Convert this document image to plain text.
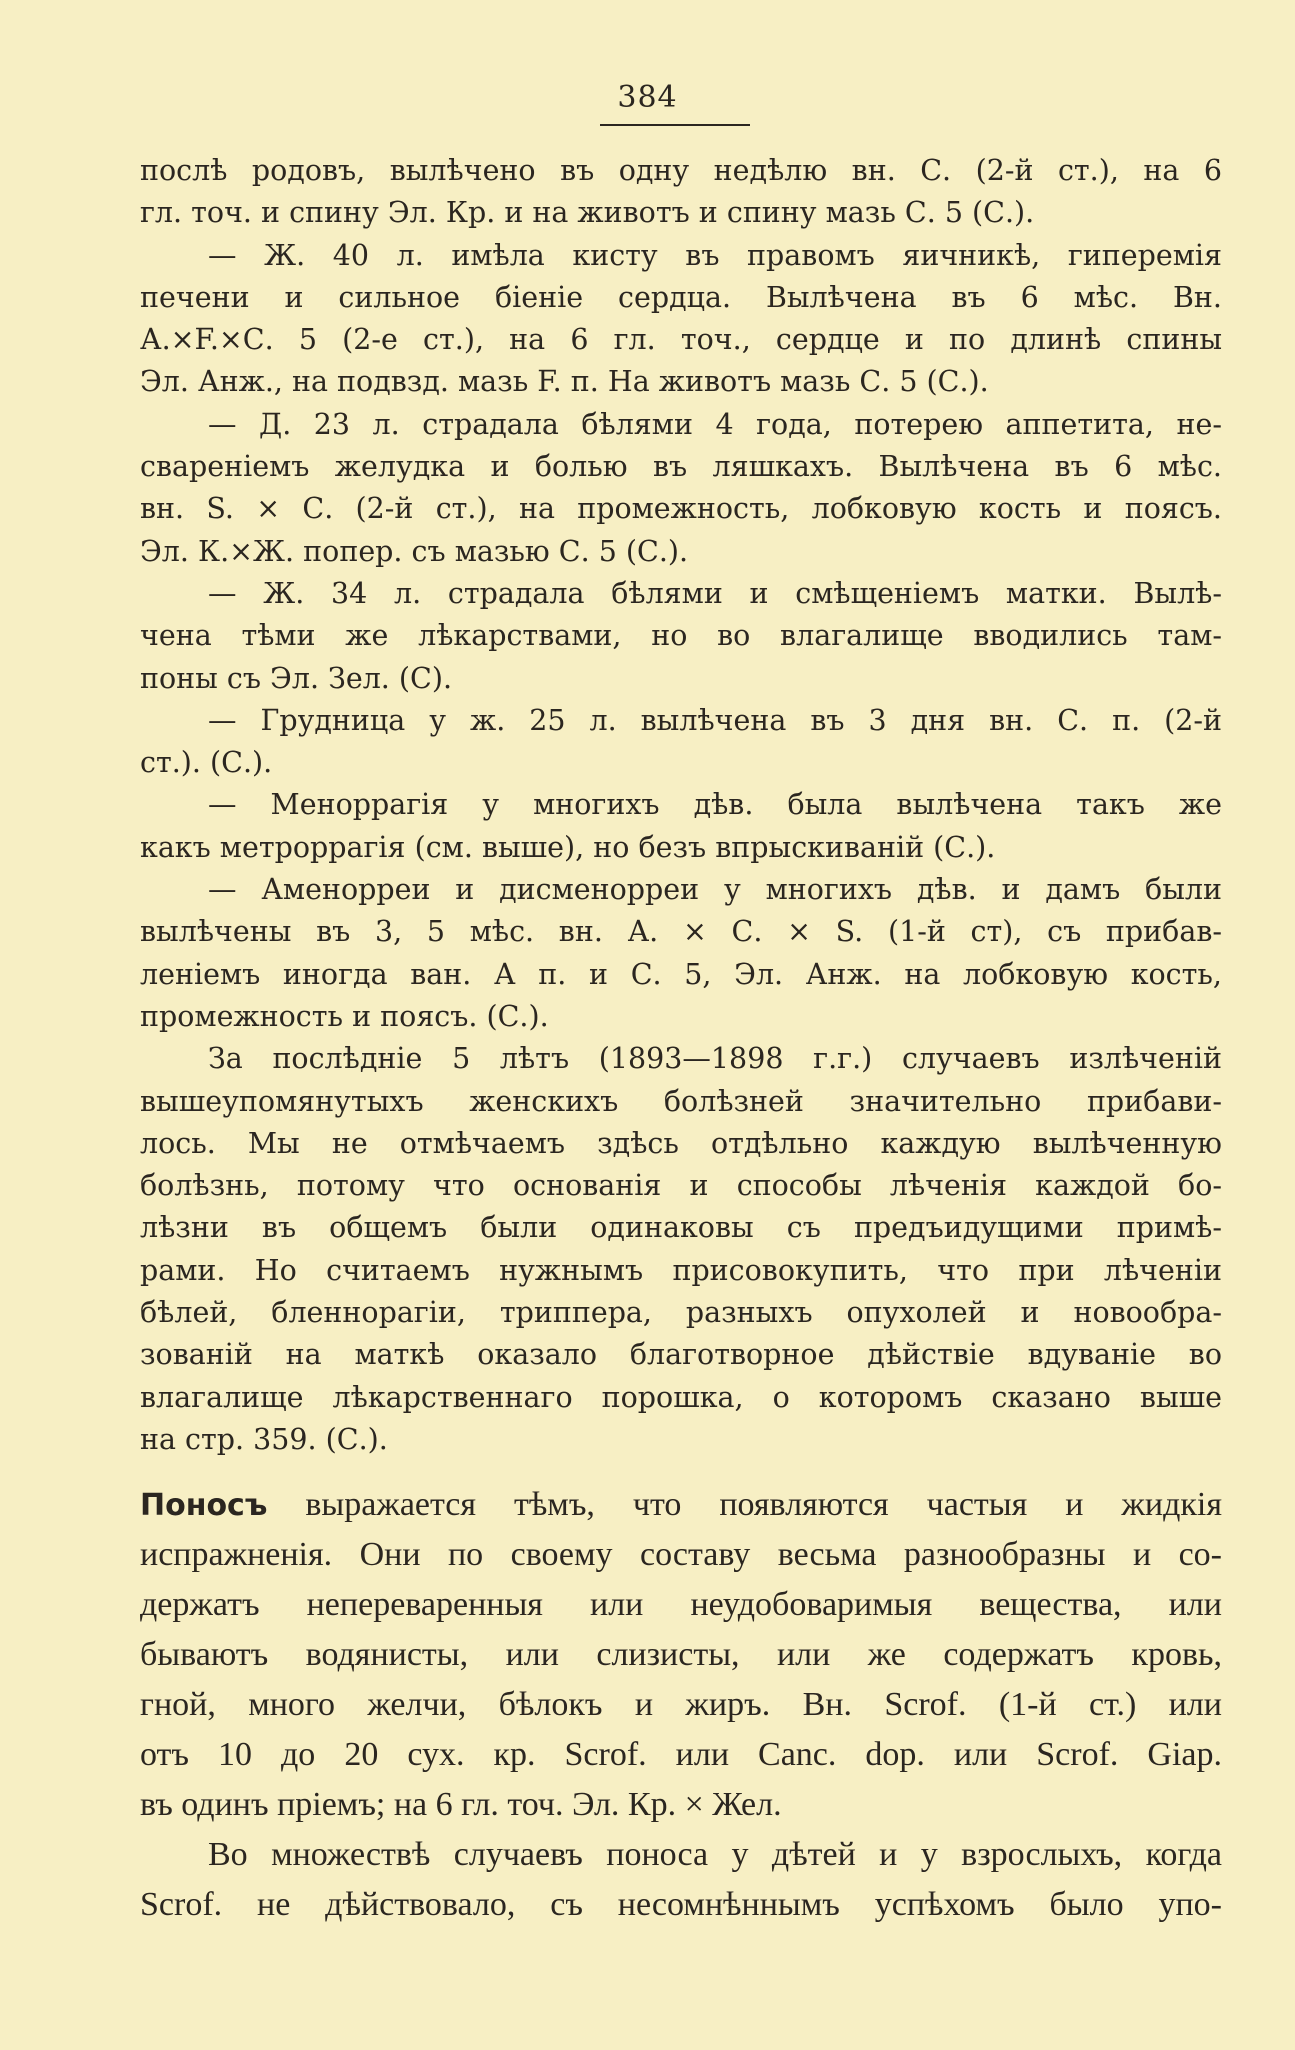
384
послѣ родовъ, вылѣчено въ одну недѣлю вн. С. (2-й ст.), на 6
гл. точ. и спину Эл. Кр. и на животъ и спину мазь С. 5 (С.).
— Ж. 40 л. имѣла кисту въ правомъ яичникѣ, гиперемія
печени и сильное біеніе сердца. Вылѣчена въ 6 мѣс. Вн.
А.×F.×С. 5 (2-е ст.), на 6 гл. точ., сердце и по длинѣ спины
Эл. Анж., на подвзд. мазь F. п. На животъ мазь С. 5 (С.).
— Д. 23 л. страдала бѣлями 4 года, потерею аппетита, не-
свареніемъ желудка и болью въ ляшкахъ. Вылѣчена въ 6 мѣс.
вн. S. × С. (2-й ст.), на промежность, лобковую кость и поясъ.
Эл. К.×Ж. попер. съ мазью С. 5 (С.).
— Ж. 34 л. страдала бѣлями и смѣщеніемъ матки. Вылѣ-
чена тѣми же лѣкарствами, но во влагалище вводились там-
поны съ Эл. Зел. (С).
— Грудница у ж. 25 л. вылѣчена въ 3 дня вн. С. п. (2-й
ст.). (С.).
— Меноррагія у многихъ дѣв. была вылѣчена такъ же
какъ метроррагія (см. выше), но безъ впрыскиваній (С.).
— Аменорреи и дисменорреи у многихъ дѣв. и дамъ были
вылѣчены въ 3, 5 мѣс. вн. А. × С. × S. (1-й ст), съ прибав-
леніемъ иногда ван. А п. и С. 5, Эл. Анж. на лобковую кость,
промежность и поясъ. (С.).
За послѣдніе 5 лѣтъ (1893—1898 г.г.) случаевъ излѣченій
вышеупомянутыхъ женскихъ болѣзней значительно прибави-
лось. Мы не отмѣчаемъ здѣсь отдѣльно каждую вылѣченную
болѣзнь, потому что основанія и способы лѣченія каждой бо-
лѣзни въ общемъ были одинаковы съ предъидущими примѣ-
рами. Но считаемъ нужнымъ присовокупить, что при лѣченіи
бѣлей, бленнорагіи, триппера, разныхъ опухолей и новообра-
зованій на маткѣ оказало благотворное дѣйствіе вдуваніе во
влагалище лѣкарственнаго порошка, о которомъ сказано выше
на стр. 359. (С.).
Поносъ выражается тѣмъ, что появляются частыя и жидкія
испражненія. Они по своему составу весьма разнообразны и со-
держатъ непереваренныя или неудобоваримыя вещества, или
бываютъ водянисты, или слизисты, или же содержатъ кровь,
гной, много желчи, бѣлокъ и жиръ. Вн. Scrof. (1-й ст.) или
отъ 10 до 20 сух. кр. Scrof. или Canc. dop. или Scrof. Giap.
въ одинъ пріемъ; на 6 гл. точ. Эл. Кр. × Жел.
Во множествѣ случаевъ поноса у дѣтей и у взрослыхъ, когда
Scrof. не дѣйствовало, съ несомнѣннымъ успѣхомъ было упо-
